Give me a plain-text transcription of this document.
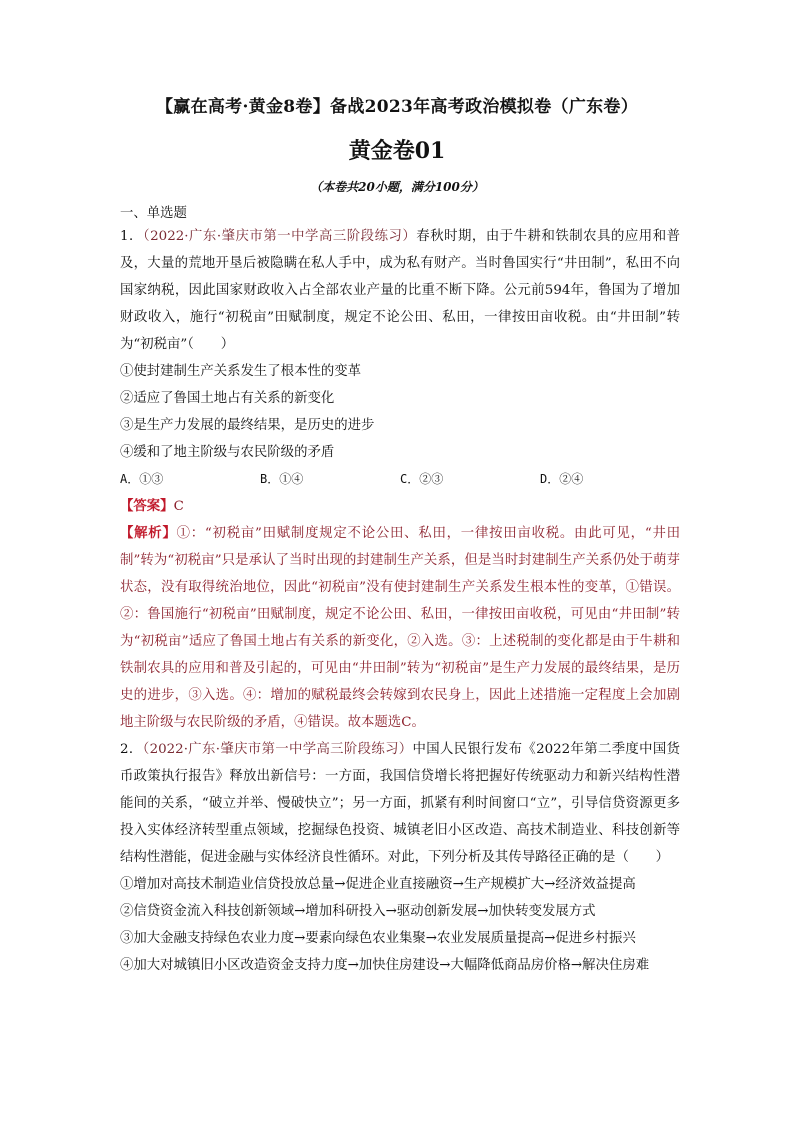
【赢在高考·黄金8卷】备战2023年高考政治模拟卷（广东卷）
黄金卷01
（本卷共20小题，满分100分）
一、单选题
1．（2022·广东·肇庆市第一中学高三阶段练习）春秋时期，由于牛耕和铁制农具的应用和普及，大量的荒地开垦后被隐瞒在私人手中，成为私有财产。当时鲁国实行“井田制”，私田不向国家纳税，因此国家财政收入占全部农业产量的比重不断下降。公元前594年，鲁国为了增加财政收入，施行“初税亩”田赋制度，规定不论公田、私田，一律按田亩收税。由“井田制”转为“初税亩”（　　）
①使封建制生产关系发生了根本性的变革
②适应了鲁国土地占有关系的新变化
③是生产力发展的最终结果，是历史的进步
④缓和了地主阶级与农民阶级的矛盾
A．①③	B．①④	C．②③	D．②④
【答案】C
【解析】①：“初税亩”田赋制度规定不论公田、私田，一律按田亩收税。由此可见，“井田制”转为“初税亩”只是承认了当时出现的封建制生产关系，但是当时封建制生产关系仍处于萌芽状态，没有取得统治地位，因此“初税亩”没有使封建制生产关系发生根本性的变革，①错误。②：鲁国施行“初税亩”田赋制度，规定不论公田、私田，一律按田亩收税，可见由“井田制”转为“初税亩”适应了鲁国土地占有关系的新变化，②入选。③：上述税制的变化都是由于牛耕和铁制农具的应用和普及引起的，可见由“井田制”转为“初税亩”是生产力发展的最终结果，是历史的进步，③入选。④：增加的赋税最终会转嫁到农民身上，因此上述措施一定程度上会加剧地主阶级与农民阶级的矛盾，④错误。故本题选C。
2．（2022·广东·肇庆市第一中学高三阶段练习）中国人民银行发布《2022年第二季度中国货币政策执行报告》释放出新信号：一方面，我国信贷增长将把握好传统驱动力和新兴结构性潜能间的关系，“破立并举、慢破快立”；另一方面，抓紧有利时间窗口“立”，引导信贷资源更多投入实体经济转型重点领域，挖掘绿色投资、城镇老旧小区改造、高技术制造业、科技创新等结构性潜能，促进金融与实体经济良性循环。对此，下列分析及其传导路径正确的是（　　）
①增加对高技术制造业信贷投放总量→促进企业直接融资→生产规模扩大→经济效益提高
②信贷资金流入科技创新领域→增加科研投入→驱动创新发展→加快转变发展方式
③加大金融支持绿色农业力度→要素向绿色农业集聚→农业发展质量提高→促进乡村振兴
④加大对城镇旧小区改造资金支持力度→加快住房建设→大幅降低商品房价格→解决住房难
